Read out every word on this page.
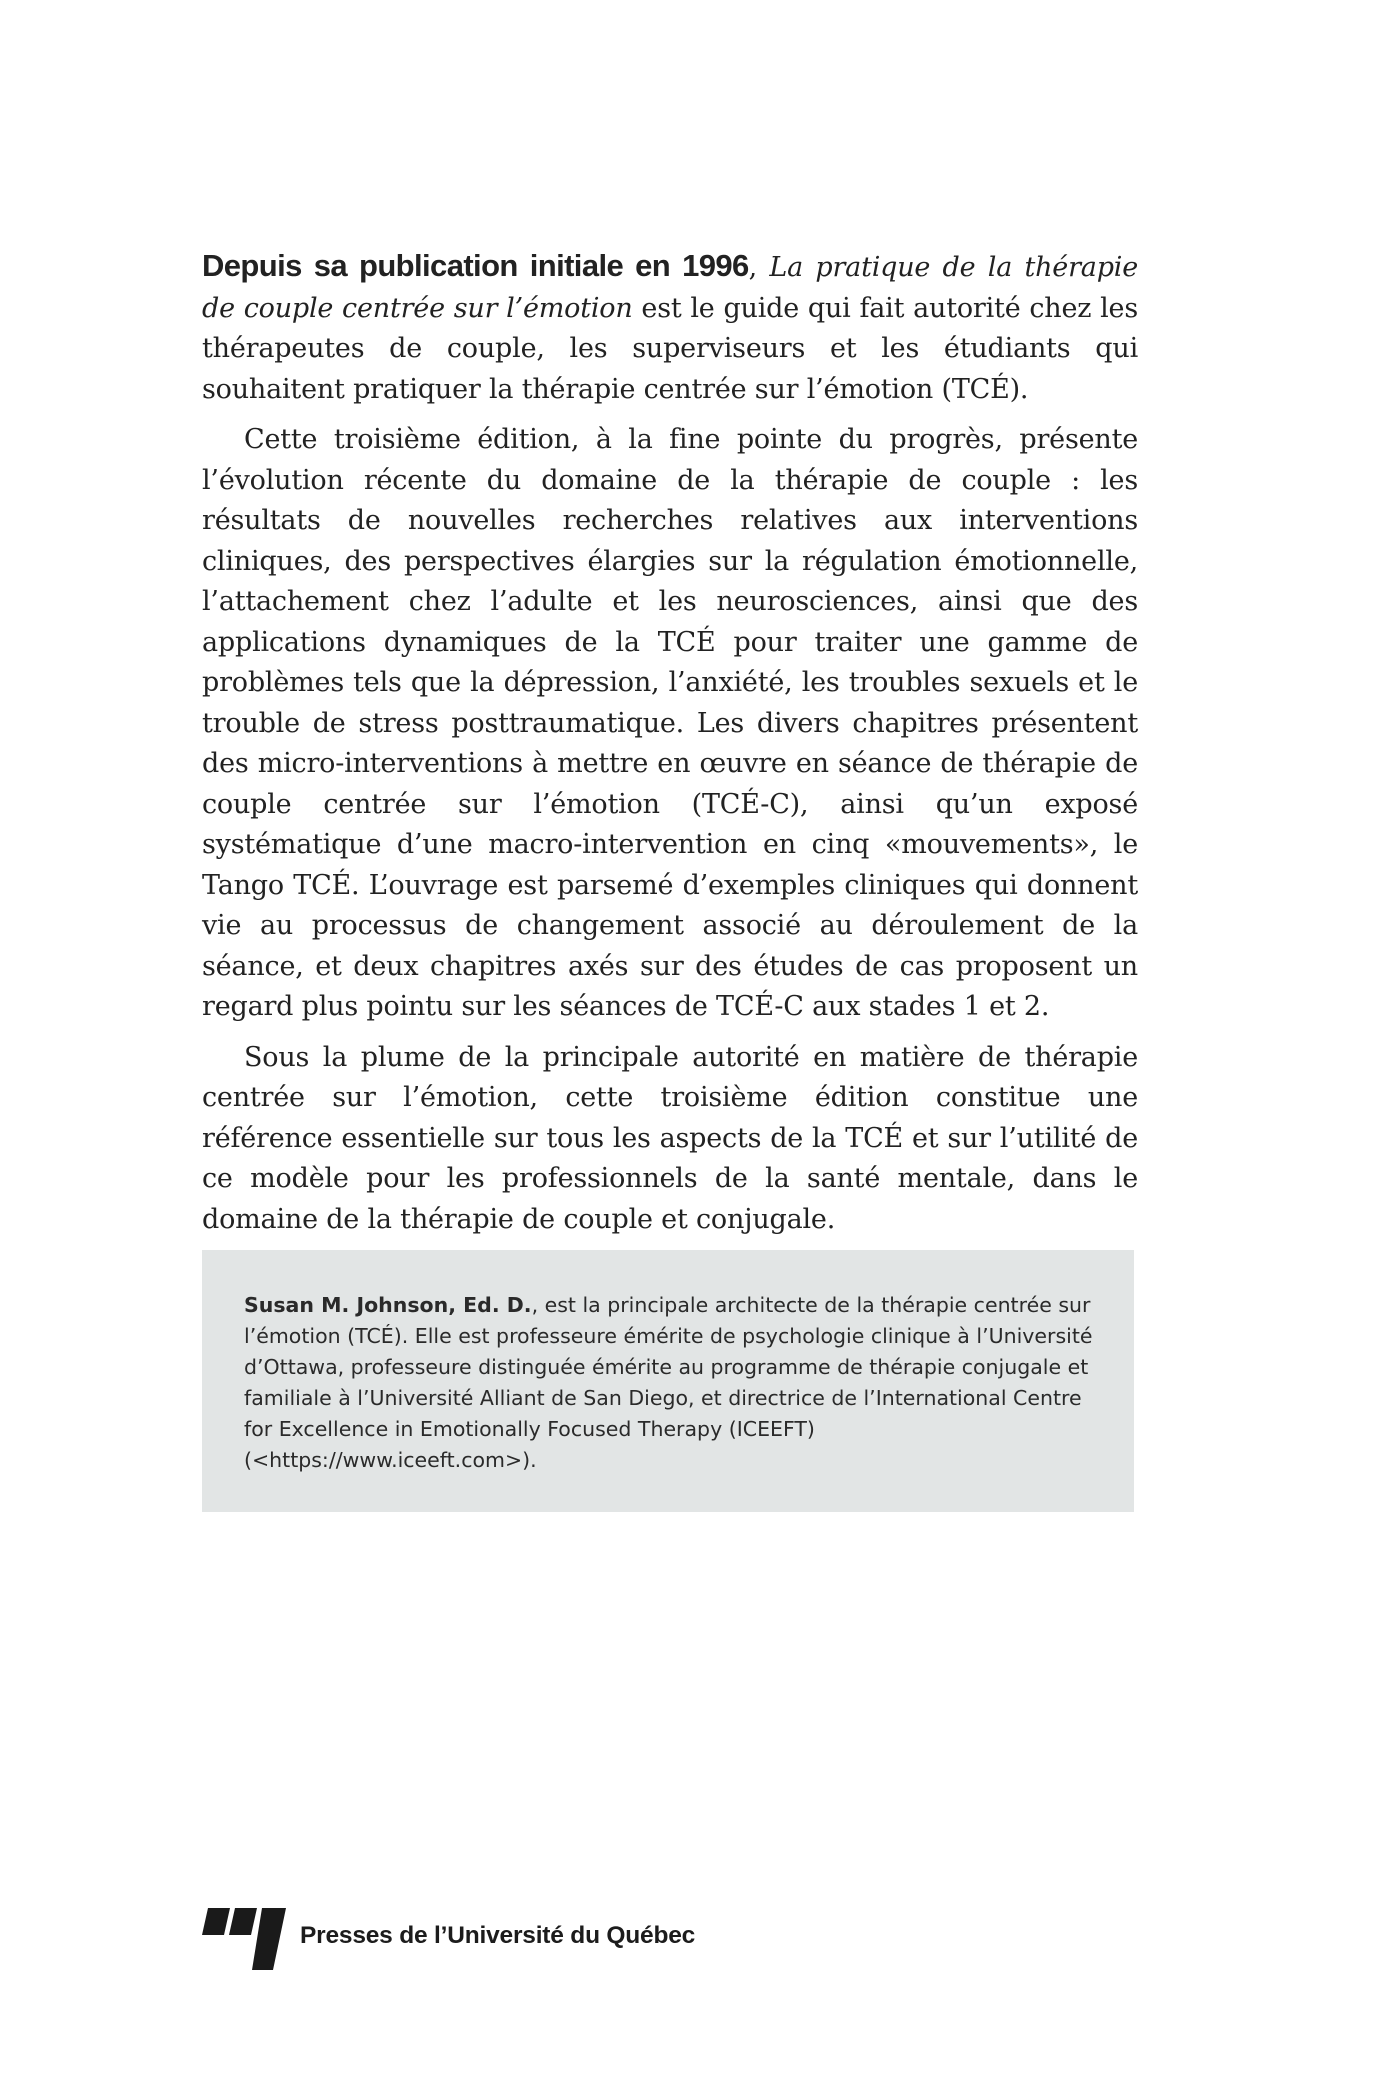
Depuis sa publication initiale en 1996, La pratique de la thérapie de couple centrée sur l’émotion est le guide qui fait autorité chez les thérapeutes de couple, les superviseurs et les étudiants qui souhaitent pratiquer la thérapie centrée sur l’émotion (TCÉ).

Cette troisième édition, à la fine pointe du progrès, présente l’évolution récente du domaine de la thérapie de couple : les résultats de nouvelles recherches relatives aux interventions cliniques, des perspectives élargies sur la régulation émotionnelle, l’attachement chez l’adulte et les neurosciences, ainsi que des applications dynamiques de la TCÉ pour traiter une gamme de problèmes tels que la dépression, l’anxiété, les troubles sexuels et le trouble de stress posttraumatique. Les divers chapitres présentent des micro-interventions à mettre en œuvre en séance de thérapie de couple centrée sur l’émotion (TCÉ-C), ainsi qu’un exposé systématique d’une macro-intervention en cinq «mouvements», le Tango TCÉ. L’ouvrage est parsemé d’exemples cliniques qui donnent vie au processus de changement associé au déroulement de la séance, et deux chapitres axés sur des études de cas proposent un regard plus pointu sur les séances de TCÉ-C aux stades 1 et 2.

Sous la plume de la principale autorité en matière de thérapie centrée sur l’émotion, cette troisième édition constitue une référence essentielle sur tous les aspects de la TCÉ et sur l’utilité de ce modèle pour les professionnels de la santé mentale, dans le domaine de la thérapie de couple et conjugale.

Susan M. Johnson, Ed. D., est la principale architecte de la thérapie centrée sur l’émotion (TCÉ). Elle est professeure émérite de psychologie clinique à l’Université d’Ottawa, professeure distinguée émérite au programme de thérapie conjugale et familiale à l’Université Alliant de San Diego, et directrice de l’International Centre for Excellence in Emotionally Focused Therapy (ICEEFT) (<https://www.iceeft.com>).

Presses de l’Université du Québec
